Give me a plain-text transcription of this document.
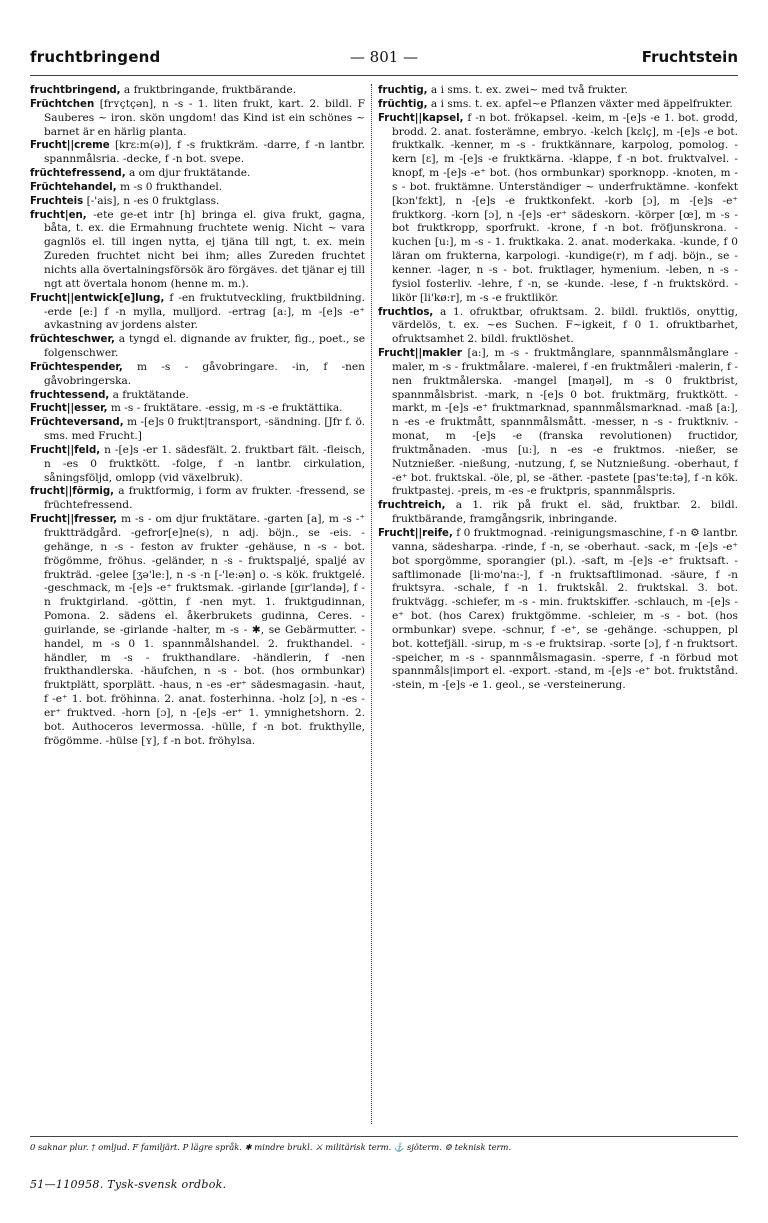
fruchtbringend	— 801 —	Fruchtstein

fruchtbringend, a fruktbringande, fruktbärande.

Früchtchen [frʏçtçən], n -s - 1. liten frukt, kart. 2. bildl. F Sauberes ~ iron. skön ungdom! das Kind ist ein schönes ~ barnet är en härlig planta.

Frucht||creme [krɛ:m(ə)], f -s fruktkräm. -darre, f -n lantbr. spannmålsria. -decke, f -n bot. svepe.

früchtefressend, a om djur fruktätande.

Früchtehandel, m -s 0 frukthandel.

Fruchteis [-'ais], n -es 0 fruktglass.

frucht|en, -ete ge-et intr [h] bringa el. giva frukt, gagna, båta, t. ex. die Ermahnung fruchtete wenig. Nicht ~ vara gagnlös el. till ingen nytta, ej tjäna till ngt, t. ex. mein Zureden fruchtet nicht bei ihm; alles Zureden fruchtet nichts alla övertalningsförsök äro förgäves. det tjänar ej till ngt att övertala honom (henne m. m.).

Frucht||entwick[e]lung, f -en fruktutveckling, fruktbildning. -erde [e:] f -n mylla, mulljord. -ertrag [a:], m -[e]s -e⁺ avkastning av jordens alster.

früchteschwer, a tyngd el. dignande av frukter, fig., poet., se folgenschwer.

Früchtespender, m -s - gåvobringare. -in, f -nen gåvobringerska.

fruchtessend, a fruktätande.

Frucht||esser, m -s - fruktätare. -essig, m -s -e fruktättika.

Früchteversand, m -[e]s 0 frukt|transport, -sändning. [Jfr f. ö. sms. med Frucht.]

Frucht||feld, n -[e]s -er 1. sädesfält. 2. fruktbart fält. -fleisch, n -es 0 fruktkött. -folge, f -n lantbr. cirkulation, såningsföljd, omlopp (vid växelbruk).

frucht||förmig, a fruktformig, i form av frukter. -fressend, se früchtefressend.

Frucht||fresser, m -s - om djur fruktätare. -garten [a], m -s -⁺ fruktträdgård. -gefror[e]ne(s), n adj. böjn., se -eis. -gehänge, n -s - feston av frukter -gehäuse, n -s - bot. frögömme, fröhus. -geländer, n -s - fruktspaljé, spaljé av frukträd. -gelee [ʒə'le:], n -s -n [-'le:ən] o. -s kök. fruktgelé. -geschmack, m -[e]s -e⁺ fruktsmak. -girlande [gɪr'landə], f -n fruktgirland. -göttin, f -nen myt. 1. fruktgudinnan, Pomona. 2. sädens el. åkerbrukets gudinna, Ceres. -guirlande, se -girlande -halter, m -s - ✱, se Gebärmutter. -handel, m -s 0 1. spannmålshandel. 2. frukthandel. -händler, m -s - frukthandlare. -händlerin, f -nen frukthandlerska. -häufchen, n -s - bot. (hos ormbunkar) fruktplätt, sporplätt. -haus, n -es -er⁺ sädesmagasin. -haut, f -e⁺ 1. bot. fröhinna. 2. anat. fosterhinna. -holz [ɔ], n -es -er⁺ fruktved. -horn [ɔ], n -[e]s -er⁺ 1. ymnighetshorn. 2. bot. Authoceros levermossa. -hülle, f -n bot. frukthylle, frögömme. -hülse [ʏ], f -n bot. fröhylsa.

fruchtig, a i sms. t. ex. zwei~ med två frukter.

früchtig, a i sms. t. ex. apfel~e Pflanzen växter med äppelfrukter.

Frucht||kapsel, f -n bot. frökapsel. -keim, m -[e]s -e 1. bot. grodd, brodd. 2. anat. fosterämne, embryo. -kelch [kɛlç], m -[e]s -e bot. fruktkalk. -kenner, m -s - fruktkännare, karpolog, pomolog. -kern [ɛ], m -[e]s -e fruktkärna. -klappe, f -n bot. fruktvalvel. -knopf, m -[e]s -e⁺ bot. (hos ormbunkar) sporknopp. -knoten, m -s - bot. fruktämne. Unterständiger ~ underfruktämne. -konfekt [kɔn'fɛkt], n -[e]s -e fruktkonfekt. -korb [ɔ], m -[e]s -e⁺ fruktkorg. -korn [ɔ], n -[e]s -er⁺ sädeskorn. -körper [œ], m -s - bot fruktkropp, sporfrukt. -krone, f -n bot. fröfjunskrona. -kuchen [u:], m -s - 1. fruktkaka. 2. anat. moderkaka. -kunde, f 0 läran om frukterna, karpologi. -kundige(r), m f adj. böjn., se -kenner. -lager, n -s - bot. fruktlager, hymenium. -leben, n -s - fysiol fosterliv. -lehre, f -n, se -kunde. -lese, f -n fruktskörd. -likör [li'kø:r], m -s -e fruktlikör.

fruchtlos, a 1. ofruktbar, ofruktsam. 2. bildl. fruktlös, onyttig, värdelös, t. ex. ~es Suchen. F~igkeit, f 0 1. ofruktbarhet, ofruktsamhet 2. bildl. fruktlöshet.

Frucht||makler [a:], m -s - fruktmånglare, spannmålsmånglare -maler, m -s - fruktmålare. -malerei, f -en fruktmåleri -malerin, f -nen fruktmålerska. -mangel [maŋəl], m -s 0 fruktbrist, spannmålsbrist. -mark, n -[e]s 0 bot. fruktmärg, fruktkött. -markt, m -[e]s -e⁺ fruktmarknad, spannmålsmarknad. -maß [a:], n -es -e fruktmått, spannmålsmått. -messer, n -s - fruktkniv. -monat, m -[e]s -e (franska revolutionen) fructidor, fruktmånaden. -mus [u:], n -es -e fruktmos. -nießer, se Nutznießer. -nießung, -nutzung, f, se Nutznießung. -oberhaut, f -e⁺ bot. fruktskal. -öle, pl, se -äther. -pastete [pas'te:tə], f -n kök. fruktpastej. -preis, m -es -e fruktpris, spannmålspris.

fruchtreich, a 1. rik på frukt el. säd, fruktbar. 2. bildl. fruktbärande, framgångsrik, inbringande.

Frucht||reife, f 0 fruktmognad. -reinigungsmaschine, f -n ⚙ lantbr. vanna, sädesharpa. -rinde, f -n, se -oberhaut. -sack, m -[e]s -e⁺ bot sporgömme, sporangier (pl.). -saft, m -[e]s -e⁺ fruktsaft. -saftlimonade [li·mo'na:-], f -n fruktsaftlimonad. -säure, f -n fruktsyra. -schale, f -n 1. fruktskål. 2. fruktskal. 3. bot. fruktvägg. -schiefer, m -s - min. fruktskiffer. -schlauch, m -[e]s -e⁺ bot. (hos Carex) fruktgömme. -schleier, m -s - bot. (hos ormbunkar) svepe. -schnur, f -e⁺, se -gehänge. -schuppen, pl bot. kottefjäll. -sirup, m -s -e fruktsirap. -sorte [ɔ], f -n fruktsort. -speicher, m -s - spannmålsmagasin. -sperre, f -n förbud mot spannmåls|import el. -export. -stand, m -[e]s -e⁺ bot. fruktstånd. -stein, m -[e]s -e 1. geol., se -versteinerung.

0 saknar plur. † omljud. F familjärt. P lägre språk. ✱ mindre brukl. ⚔ militärisk term. ⚓ sjöterm. ⚙ teknisk term.
51—110958. Tysk-svensk ordbok.
